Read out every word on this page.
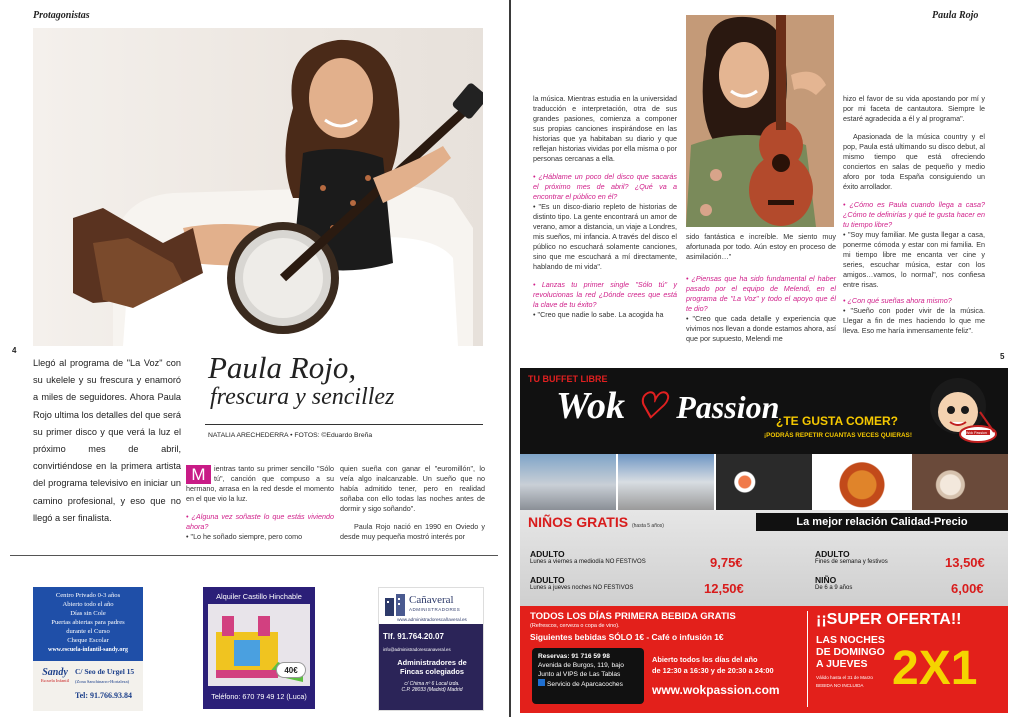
Protagonistas
4
Llegó al programa de "La Voz" con su ukelele y su frescura y enamoró a miles de seguidores. Ahora Paula Rojo ultima los detalles del que será su primer disco y que verá la luz el próximo mes de abril, convirtiéndose en la primera artista del programa televisivo en iniciar un camino profesional, y eso que no llegó a ser finalista.
Paula Rojo,
frescura y sencillez
NATALIA ARECHEDERRA • FOTOS: ©Eduardo Breña
M	ientras tanto su primer sencillo "Sólo tú", canción que compuso a su hermano, arrasa en la red desde el momento en el que vio la luz.
• ¿Alguna vez soñaste lo que estás viviendo ahora?
• "Lo he soñado siempre, pero como
quien sueña con ganar el "euromillón", lo veía algo inalcanzable. Un sueño que no había admitido tener, pero en realidad soñaba con ello todas las noches antes de dormir y sigo soñando".
Paula Rojo nació en 1990 en Oviedo y desde muy pequeña mostró interés por
Centro Privado 0-3 años
Abierto todo el año
Días sin Cole
Puertas abiertas para padres
durante el Curso
Cheque Escolar
www.escuela-infantil-sandy.org
Sandy
Escuela Infantil
C/ Seo de Urgel 15
(Zona Sanchinarro-Hortaleza)
Tel: 91.766.93.84
Alquiler Castillo Hinchable
40€
Teléfono: 670 79 49 12 (Luca)
Cañaveral
ADMINISTRADORES
www.administradorescañaveral.es
Tlf. 91.764.20.07
info@administradorescanaveral.es
Administradores de
Fincas colegiados
c/ Chima nº 6 Local izda.
C.P. 28033 (Madrid) Madrid
Paula Rojo
la música. Mientras estudia en la universidad traducción e interpretación, otra de sus grandes pasiones, comienza a componer sus propias canciones inspirándose en las historias que ya habitaban su diario y que reflejan historias vividas por ella misma o por personas cercanas a ella.
• ¿Háblame un poco del disco que sacarás el próximo mes de abril? ¿Qué va a encontrar el público en él?
• "Es un disco-diario repleto de historias de distinto tipo. La gente encontrará un amor de verano, amor a distancia, un viaje a Londres, mis sueños, mi infancia. A través del disco el público no escuchará solamente canciones, sino que me escuchará a mí directamente, hablando de mi vida".
• Lanzas tu primer single "Sólo tú" y revolucionas la red ¿Dónde crees que está la clave de tu éxito?
• "Creo que nadie lo sabe. La acogida ha
sido fantástica e increíble. Me siento muy afortunada por todo. Aún estoy en proceso de asimilación…"
• ¿Piensas que ha sido fundamental el haber pasado por el equipo de Melendi, en el programa de "La Voz" y todo el apoyo que él te dio?
• "Creo que cada detalle y experiencia que vivimos nos llevan a donde estamos ahora, así que por supuesto, Melendi me
hizo el favor de su vida apostando por mí y por mi faceta de cantautora. Siempre le estaré agradecida a él y al programa".
Apasionada de la música country y el pop, Paula está ultimando su disco debut, al mismo tiempo que está ofreciendo conciertos en salas de pequeño y medio aforo por toda España consiguiendo un éxito arrollador.
• ¿Cómo es Paula cuando llega a casa? ¿Cómo te definirías y qué te gusta hacer en tu tiempo libre?
• "Soy muy familiar. Me gusta llegar a casa, ponerme cómoda y estar con mi familia. En mi tiempo libre me encanta ver cine y series, escuchar música, estar con los amigos…vamos, lo normal", nos confiesa entre risas.
• ¿Con qué sueñas ahora mismo?
• "Sueño con poder vivir de la música. Llegar a fin de mes haciendo lo que me lleva. Eso me haría inmensamente feliz".
5
TU BUFFET LIBRE
Wok ♡ Passion
¿TE GUSTA COMER?
¡PODRÁS REPETIR CUANTAS VECES QUIERAS!	Wok Passion
NIÑOS GRATIS (hasta 5 años)	La mejor relación Calidad-Precio
ADULTO
Lunes a viernes a mediodía NO FESTIVOS	9,75€
ADULTO
Lunes a jueves noches NO FESTIVOS	12,50€
ADULTO
Fines de semana y festivos	13,50€
NIÑO
De 6 a 9 años	6,00€
TODOS LOS DÍAS PRIMERA BEBIDA GRATIS
(Refrescos, cerveza o copa de vino).
Siguientes bebidas SÓLO 1€ - Café o infusión 1€
Reservas: 91 716 59 98
Avenida de Burgos, 119, bajo
Junto al VIPS de Las Tablas
Servicio de Aparcacoches
Abierto todos los días del año
de 12:30 a 16:30 y de 20:30 a 24:00
www.wokpassion.com
¡¡SUPER OFERTA!!
LAS NOCHES
DE DOMINGO
A JUEVES
Válido hasta el 31 de Marzo
BEBIDA NO INCLUIDA 2X1
